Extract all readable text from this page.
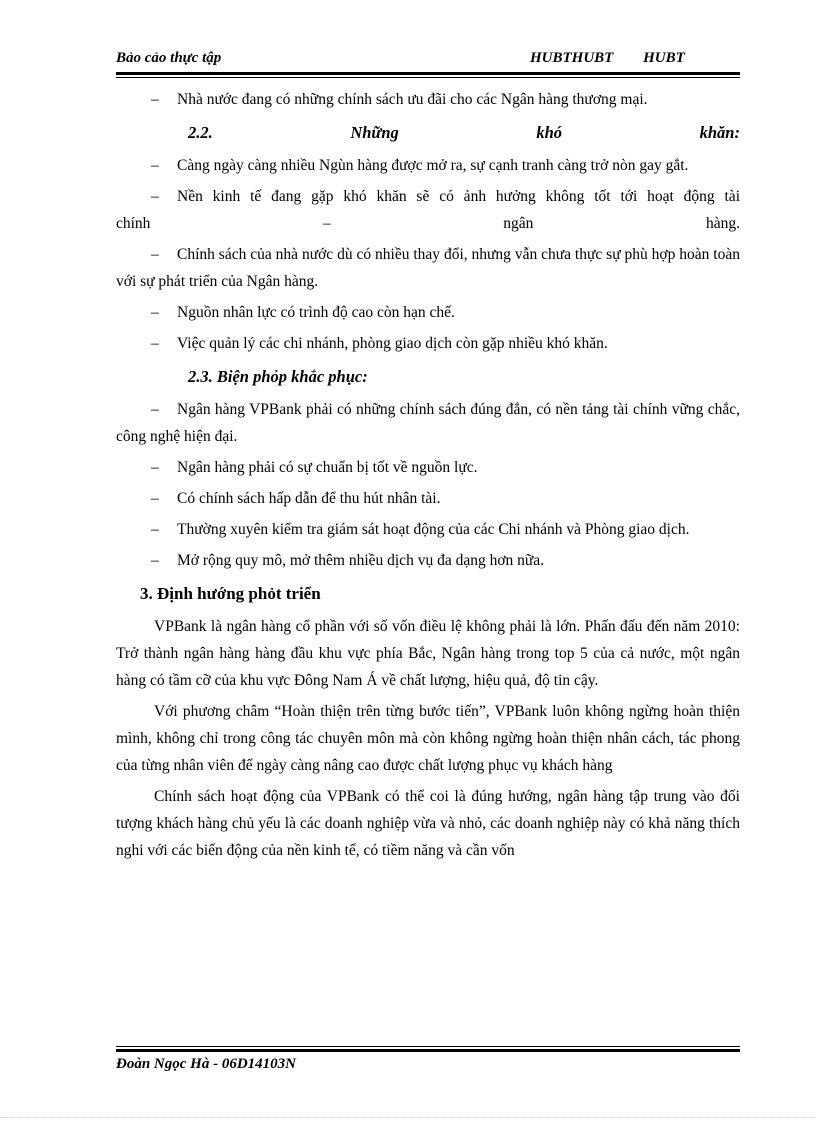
Bảo cảo thực tập	HUBTHUBT HUBT

– Nhà nước đang có những chính sách ưu đãi cho các Ngân hàng thương mại.

2.2.	Những	khó	khăn:

– Càng ngày càng nhiều Ngùn hàng được mở ra, sự cạnh tranh càng trở nòn gay gắt.

– Nền kinh tế đang gặp khó khăn sẽ có ảnh hưởng không tốt tới hoạt động tài
chính	–	ngân	hàng.

– Chính sách của nhà nước dù có nhiều thay đổi, nhưng vẫn chưa thực sự phù hợp hoàn toàn với sự phát triển của Ngân hàng.

– Nguồn nhân lực có trình độ cao còn hạn chế.

– Việc quản lý các chi nhánh, phòng giao dịch còn gặp nhiều khó khăn.

2.3. Biện phỏp khắc phục:

– Ngân hàng VPBank phải có những chính sách đúng đắn, có nền tảng tài chính vững chắc, công nghệ hiện đại.

– Ngân hàng phải có sự chuẩn bị tốt về nguồn lực.

– Có chính sách hấp dẫn để thu hút nhân tài.

– Thường xuyên kiểm tra giám sát hoạt động của các Chi nhánh và Phòng giao dịch.

– Mở rộng quy mô, mở thêm nhiều dịch vụ đa dạng hơn nữa.

3. Định hướng phỏt triển

VPBank là ngân hàng cổ phần với số vốn điều lệ không phải là lớn. Phấn đấu đến năm 2010: Trở thành ngân hàng hàng đầu khu vực phía Bắc, Ngân hàng trong top 5 của cả nước, một ngân hàng có tầm cỡ của khu vực Đông Nam Á về chất lượng, hiệu quả, độ tin cậy.

Với phương châm “Hoàn thiện trên từng bước tiến”, VPBank luôn không ngừng hoàn thiện mình, không chỉ trong công tác chuyên môn mà còn không ngừng hoàn thiện nhân cách, tác phong của từng nhân viên để ngày càng nâng cao được chất lượng phục vụ khách hàng

Chính sách hoạt động của VPBank có thể coi là đúng hướng, ngân hàng tập trung vào đối tượng khách hàng chủ yếu là các doanh nghiệp vừa và nhỏ, các doanh nghiệp này có khả năng thích nghi với các biến động của nền kinh tế, có tiềm năng và cần vốn

Đoàn Ngọc Hà - 06D14103N
